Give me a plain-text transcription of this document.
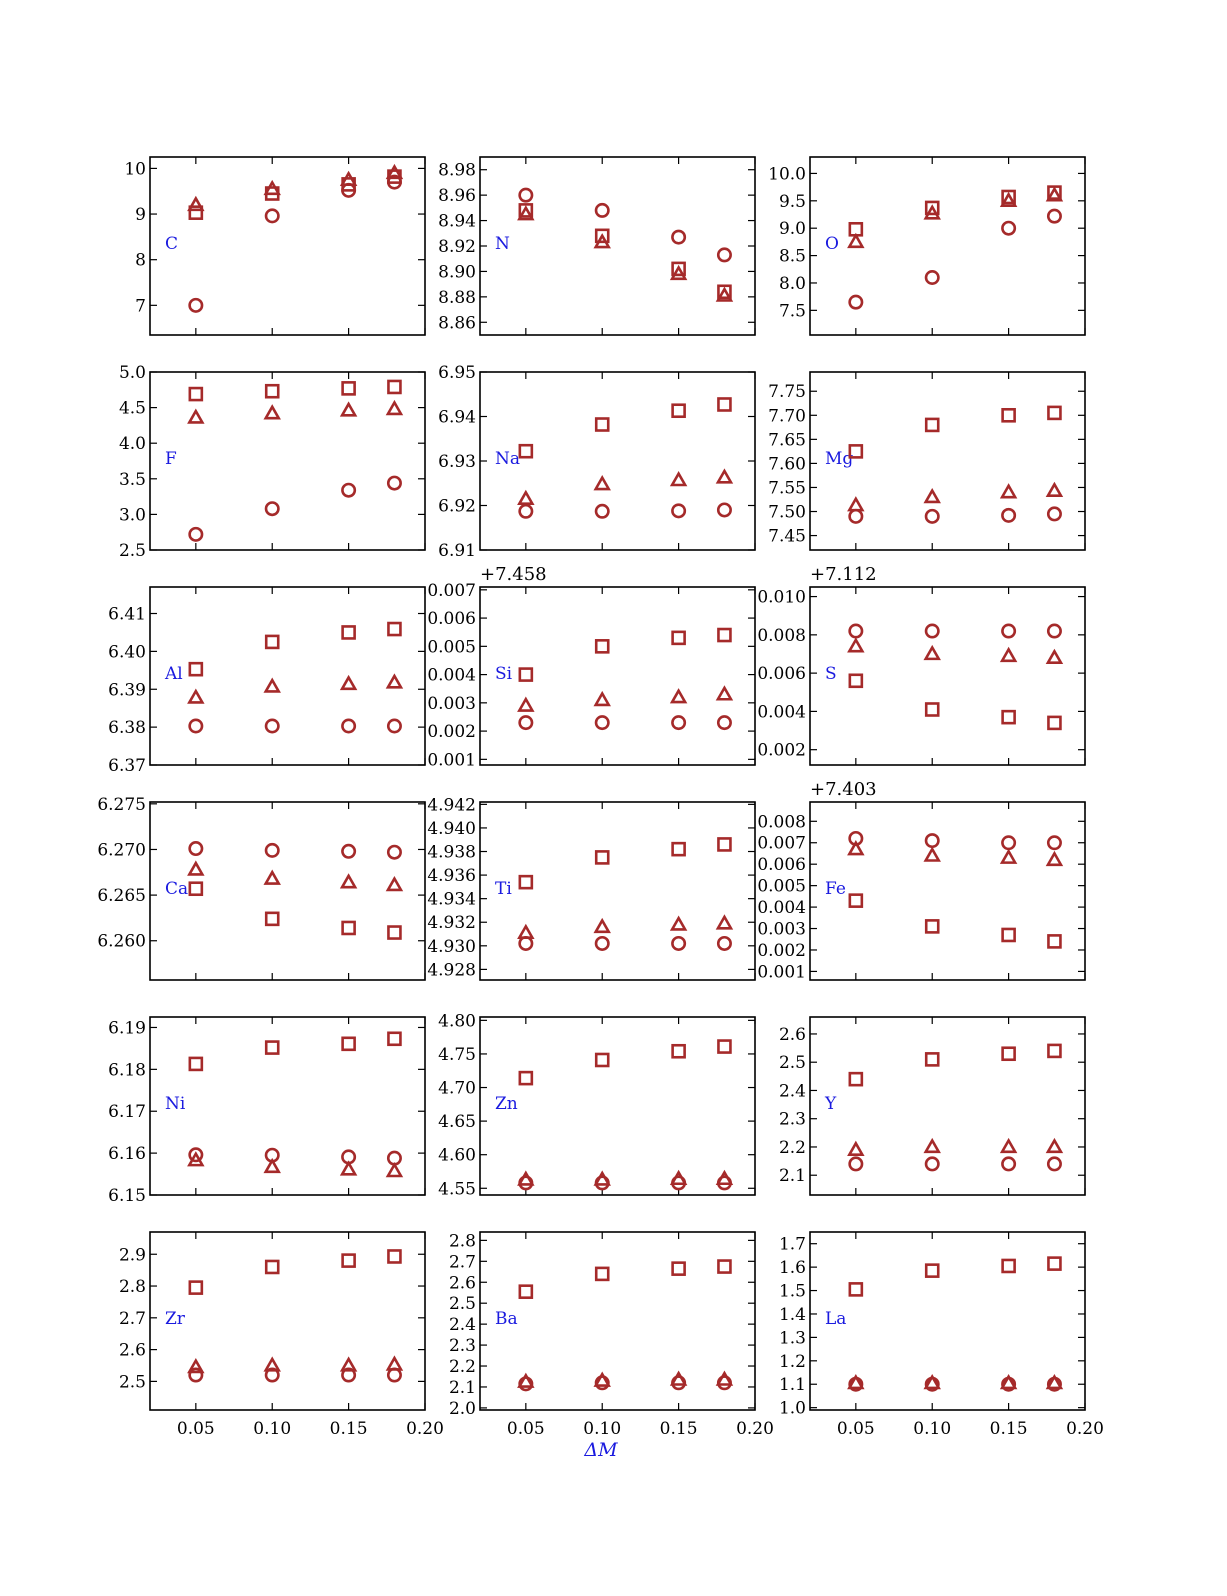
7
8
9
10
C
8.86
8.88
8.90
8.92
8.94
8.96
8.98
N
7.5
8.0
8.5
9.0
9.5
10.0
O
2.5
3.0
3.5
4.0
4.5
5.0
F
6.91
6.92
6.93
6.94
6.95
Na
7.45
7.50
7.55
7.60
7.65
7.70
7.75
Mg
6.37
6.38
6.39
6.40
6.41
Al
0.001
0.002
0.003
0.004
0.005
0.006
0.007
Si
+7.458
0.002
0.004
0.006
0.008
0.010
S
+7.112
6.260
6.265
6.270
6.275
Ca
4.928
4.930
4.932
4.934
4.936
4.938
4.940
4.942
Ti
0.001
0.002
0.003
0.004
0.005
0.006
0.007
0.008
Fe
+7.403
6.15
6.16
6.17
6.18
6.19
Ni
4.55
4.60
4.65
4.70
4.75
4.80
Zn
2.1
2.2
2.3
2.4
2.5
2.6
Y
2.5
2.6
2.7
2.8
2.9
0.05 0.10 0.15 0.20
Zr
2.0
2.1
2.2
2.3
2.4
2.5
2.6
2.7
2.8
0.05 0.10 0.15 0.20
Ba
1.0
1.1
1.2
1.3
1.4
1.5
1.6
1.7
0.05 0.10 0.15 0.20
La
ΔM
